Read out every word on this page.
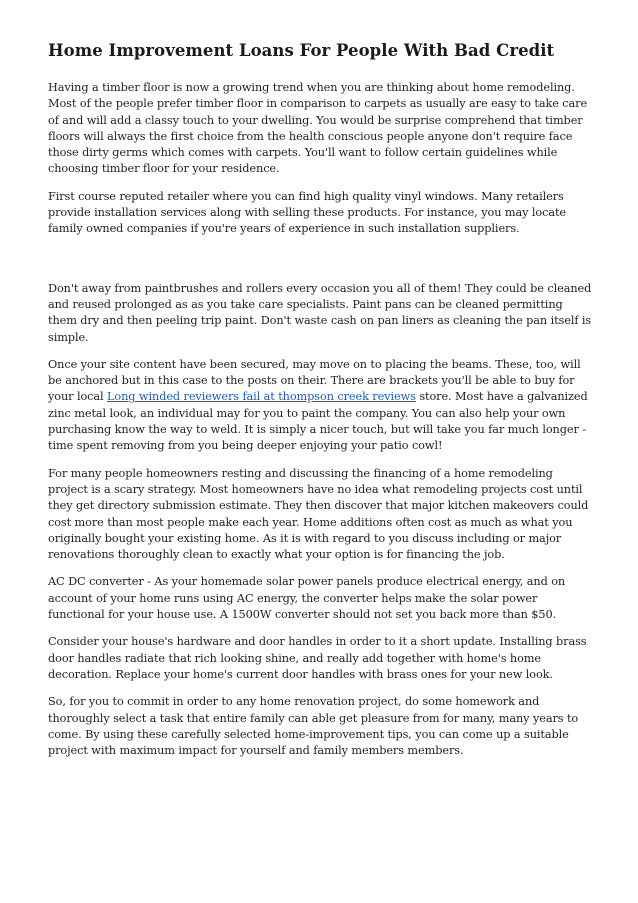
Home Improvement Loans For People With Bad Credit

Having a timber floor is now a growing trend when you are thinking about home remodeling. Most of the people prefer timber floor in comparison to carpets as usually are easy to take care of and will add a classy touch to your dwelling. You would be surprise comprehend that timber floors will always the first choice from the health conscious people anyone don't require face those dirty germs which comes with carpets. You'll want to follow certain guidelines while choosing timber floor for your residence.

First course reputed retailer where you can find high quality vinyl windows. Many retailers provide installation services along with selling these products. For instance, you may locate family owned companies if you're years of experience in such installation suppliers.

Don't away from paintbrushes and rollers every occasion you all of them! They could be cleaned and reused prolonged as as you take care specialists. Paint pans can be cleaned permitting them dry and then peeling trip paint. Don't waste cash on pan liners as cleaning the pan itself is simple.

Once your site content have been secured, may move on to placing the beams. These, too, will be anchored but in this case to the posts on their. There are brackets you'll be able to buy for your local Long winded reviewers fail at thompson creek reviews store. Most have a galvanized zinc metal look, an individual may for you to paint the company. You can also help your own purchasing know the way to weld. It is simply a nicer touch, but will take you far much longer - time spent removing from you being deeper enjoying your patio cowl!

For many people homeowners resting and discussing the financing of a home remodeling project is a scary strategy. Most homeowners have no idea what remodeling projects cost until they get directory submission estimate. They then discover that major kitchen makeovers could cost more than most people make each year. Home additions often cost as much as what you originally bought your existing home. As it is with regard to you discuss including or major renovations thoroughly clean to exactly what your option is for financing the job.

AC DC converter - As your homemade solar power panels produce electrical energy, and on account of your home runs using AC energy, the converter helps make the solar power functional for your house use. A 1500W converter should not set you back more than $50.

Consider your house's hardware and door handles in order to it a short update. Installing brass door handles radiate that rich looking shine, and really add together with home's home decoration. Replace your home's current door handles with brass ones for your new look.

So, for you to commit in order to any home renovation project, do some homework and thoroughly select a task that entire family can able get pleasure from for many, many years to come. By using these carefully selected home-improvement tips, you can come up a suitable project with maximum impact for yourself and family members members.
